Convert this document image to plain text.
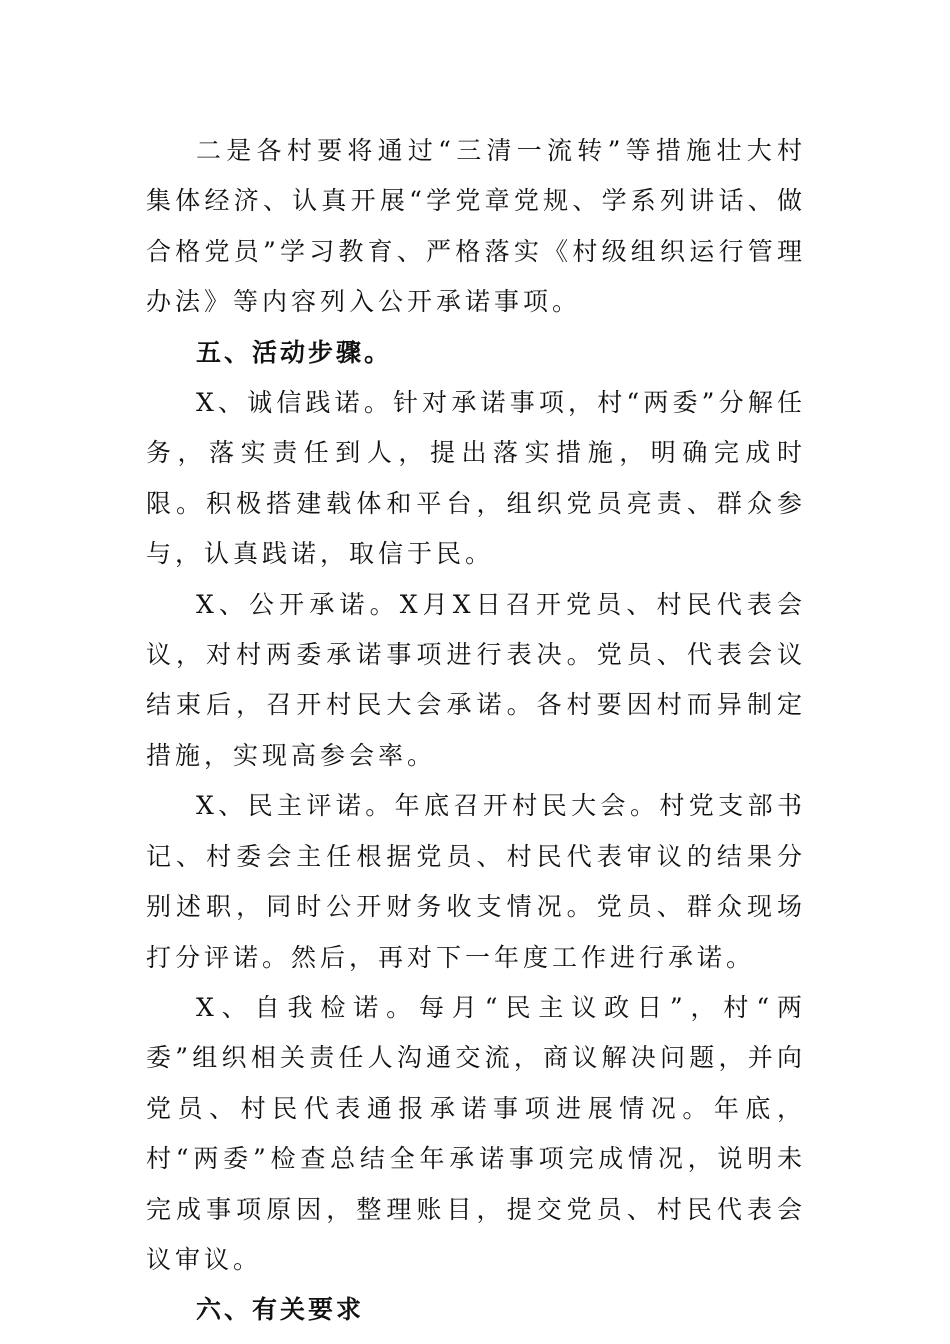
二是各村要将通过“三清一流转”等措施壮大村集体经济、认真开展“学党章党规、学系列讲话、做合格党员”学习教育、严格落实《村级组织运行管理办法》等内容列入公开承诺事项。

五、活动步骤。

X、诚信践诺。针对承诺事项，村“两委”分解任务，落实责任到人，提出落实措施，明确完成时限。积极搭建载体和平台，组织党员亮责、群众参与，认真践诺，取信于民。

X、公开承诺。X月X日召开党员、村民代表会议，对村两委承诺事项进行表决。党员、代表会议结束后，召开村民大会承诺。各村要因村而异制定措施，实现高参会率。

X、民主评诺。年底召开村民大会。村党支部书记、村委会主任根据党员、村民代表审议的结果分别述职，同时公开财务收支情况。党员、群众现场打分评诺。然后，再对下一年度工作进行承诺。

X、自我检诺。每月“民主议政日”，村“两委”组织相关责任人沟通交流，商议解决问题，并向党员、村民代表通报承诺事项进展情况。年底，村“两委”检查总结全年承诺事项完成情况，说明未完成事项原因，整理账目，提交党员、村民代表会议审议。

六、有关要求
